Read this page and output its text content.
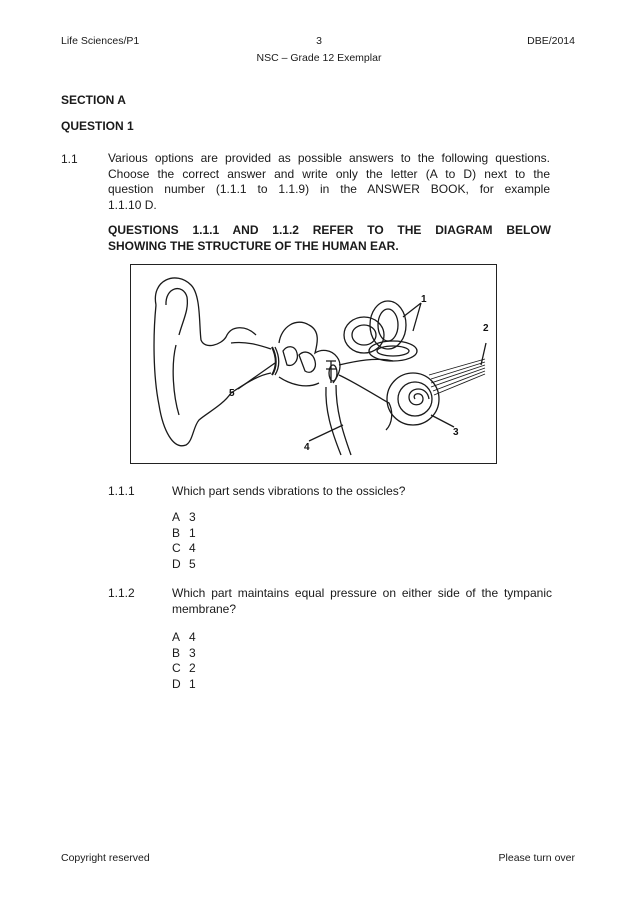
Life Sciences/P1	3	DBE/2014
NSC – Grade 12 Exemplar
SECTION A
QUESTION 1
1.1	Various options are provided as possible answers to the following questions.
Choose the correct answer and write only the letter (A to D) next to the
question number (1.1.1 to 1.1.9) in the ANSWER BOOK, for example
1.1.10 D.
QUESTIONS 1.1.1 AND 1.1.2 REFER TO THE DIAGRAM BELOW
SHOWING THE STRUCTURE OF THE HUMAN EAR.
1
2
3
4
5
1.1.1	Which part sends vibrations to the ossicles?
A 3
B 1
C 4
D 5
1.1.2	Which part maintains equal pressure on either side of the tympanic
membrane?
A 4
B 3
C 2
D 1
Copyright reserved	Please turn over
